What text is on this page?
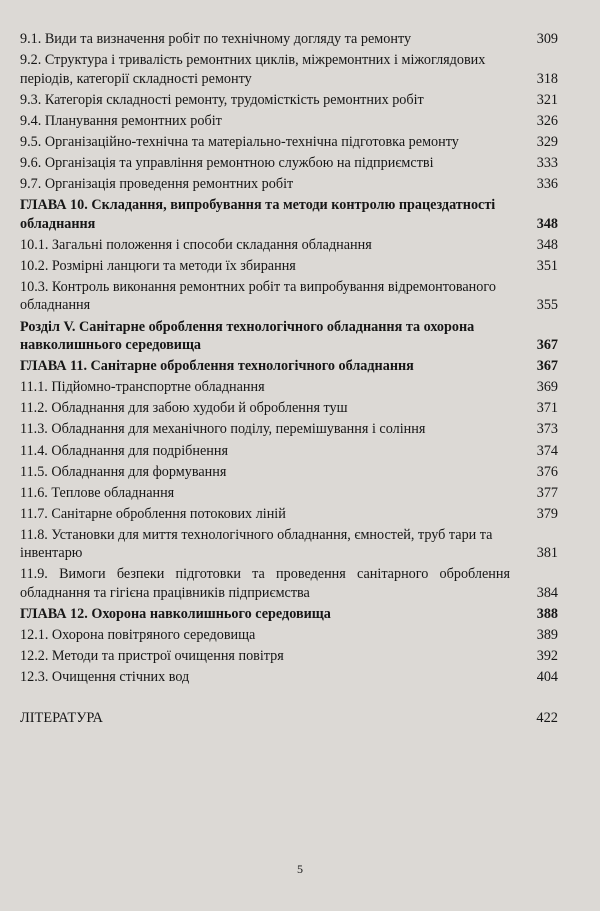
9.1. Види та визначення робіт по технічному догляду та ремонту	309
9.2. Структура і тривалість ремонтних циклів, міжремонтних і міжоглядових періодів, категорії складності ремонту	318
9.3. Категорія складності ремонту, трудомісткість ремонтних робіт	321
9.4. Планування ремонтних робіт	326
9.5. Організаційно-технічна та матеріально-технічна підготовка ремонту	329
9.6. Організація та управління ремонтною службою на підприємстві	333
9.7. Організація проведення ремонтних робіт	336
ГЛАВА 10. Складання, випробування та методи контролю працездатності обладнання	348
10.1. Загальні положення і способи складання обладнання	348
10.2. Розмірні ланцюги та методи їх збирання	351
10.3. Контроль виконання ремонтних робіт та випробування відремонтованого обладнання	355
Розділ V. Санітарне оброблення технологічного обладнання та охорона навколишнього середовища	367
ГЛАВА 11. Санітарне оброблення технологічного обладнання	367
11.1. Підйомно-транспортне обладнання	369
11.2. Обладнання для забою худоби й оброблення туш	371
11.3. Обладнання для механічного поділу, перемішування і соління	373
11.4. Обладнання для подрібнення	374
11.5. Обладнання для формування	376
11.6. Теплове обладнання	377
11.7. Санітарне оброблення потокових ліній	379
11.8. Установки для миття технологічного обладнання, ємностей, труб тари та інвентарю	381
11.9. Вимоги безпеки підготовки та проведення санітарного оброблення обладнання та гігієна працівників підприємства	384
ГЛАВА 12. Охорона навколишнього середовища	388
12.1. Охорона повітряного середовища	389
12.2. Методи та пристрої очищення повітря	392
12.3. Очищення стічних вод	404
ЛІТЕРАТУРА	422
5
